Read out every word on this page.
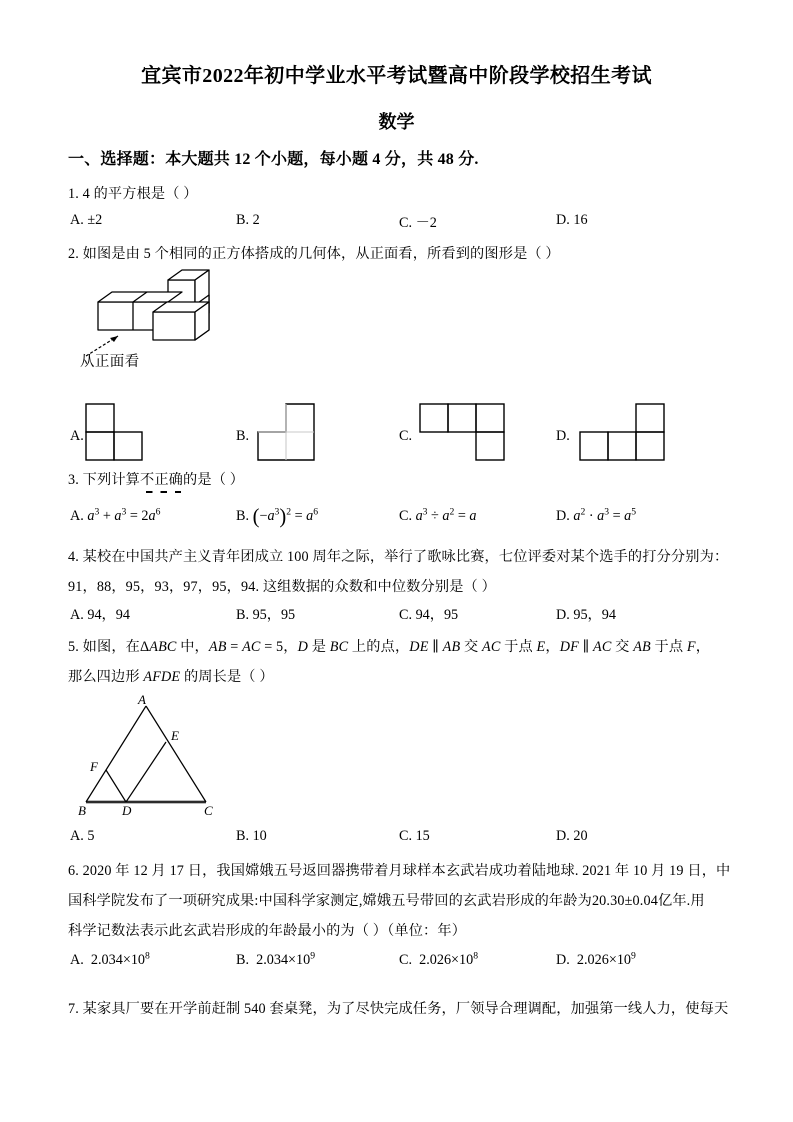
宜宾市2022年初中学业水平考试暨高中阶段学校招生考试
数学
一、选择题：本大题共 12 个小题，每小题 4 分，共 48 分.
1. 4 的平方根是（ ）
A. ±2	B. 2	C. －2	D. 16
2. 如图是由 5 个相同的正方体搭成的几何体，从正面看，所看到的图形是（ ）
从正面看
A.	B.	C.	D.
3. 下列计算不正确的是（ ）
A. $a^3 + a^3 = 2a^6$	B. $(-a^3)^2 = a^6$	C. $a^3 \div a^2 = a$	D. $a^2 \cdot a^3 = a^5$
4. 某校在中国共产主义青年团成立 100 周年之际，举行了歌咏比赛，七位评委对某个选手的打分分别为：
91，88，95，93，97，95，94. 这组数据的众数和中位数分别是（ ）
A. 94，94	B. 95，95	C. 94，95	D. 95，94
5. 如图，在ΔABC 中，AB = AC = 5，D 是 BC 上的点，DE ∥ AB 交 AC 于点 E，DF ∥ AC 交 AB 于点 F，
那么四边形 AFDE 的周长是（ ）
A
E
F
B	D	C
A. 5	B. 10	C. 15	D. 20
6. 2020 年 12 月 17 日，我国嫦娥五号返回器携带着月球样本玄武岩成功着陆地球. 2021 年 10 月 19 日，中
国科学院发布了一项研究成果:中国科学家测定,嫦娥五号带回的玄武岩形成的年龄为20.30±0.04亿年.用
科学记数法表示此玄武岩形成的年龄最小的为（ ）（单位：年）
A. $2.034\times 10^8$	B. $2.034\times 10^9$	C. $2.026\times 10^8$	D. $2.026\times 10^9$
7. 某家具厂要在开学前赶制 540 套桌凳，为了尽快完成任务，厂领导合理调配，加强第一线人力，使每天
